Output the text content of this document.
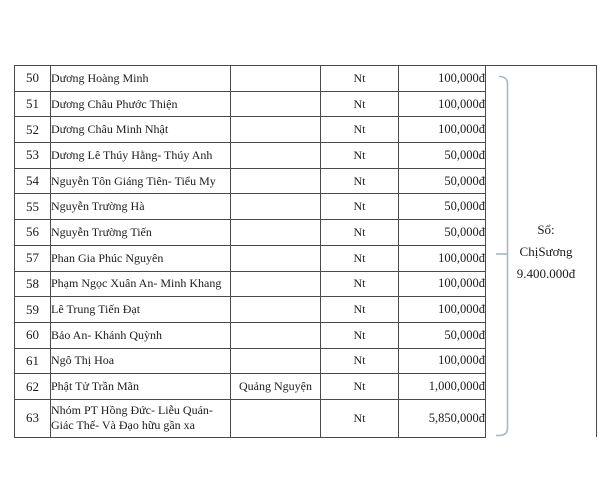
50	Dương Hoàng Minh		Nt	100,000đ
51	Dương Châu Phước Thiện		Nt	100,000đ
52	Dương Châu Minh Nhật		Nt	100,000đ
53	Dương Lê Thúy Hằng- Thúy Anh		Nt	50,000đ
54	Nguyễn Tôn Giáng Tiên- Tiểu My		Nt	50,000đ
55	Nguyễn Trường Hà		Nt	50,000đ
56	Nguyễn Trường Tiến		Nt	50,000đ
57	Phan Gia Phúc Nguyên		Nt	100,000đ
58	Phạm Ngọc Xuân An- Minh Khang		Nt	100,000đ
59	Lê Trung Tiến Đạt		Nt	100,000đ
60	Bảo An- Khánh Quỳnh		Nt	50,000đ
61	Ngô Thị Hoa		Nt	100,000đ
62	Phật Tử Trần Mãn	Quảng Nguyện	Nt	1,000,000đ
63	Nhóm PT Hồng Đức- Liễu Quán- Giác Thế- Và Đạo hữu gần xa		Nt	5,850,000đ
Sổ:
ChịSương
9.400.000đ
